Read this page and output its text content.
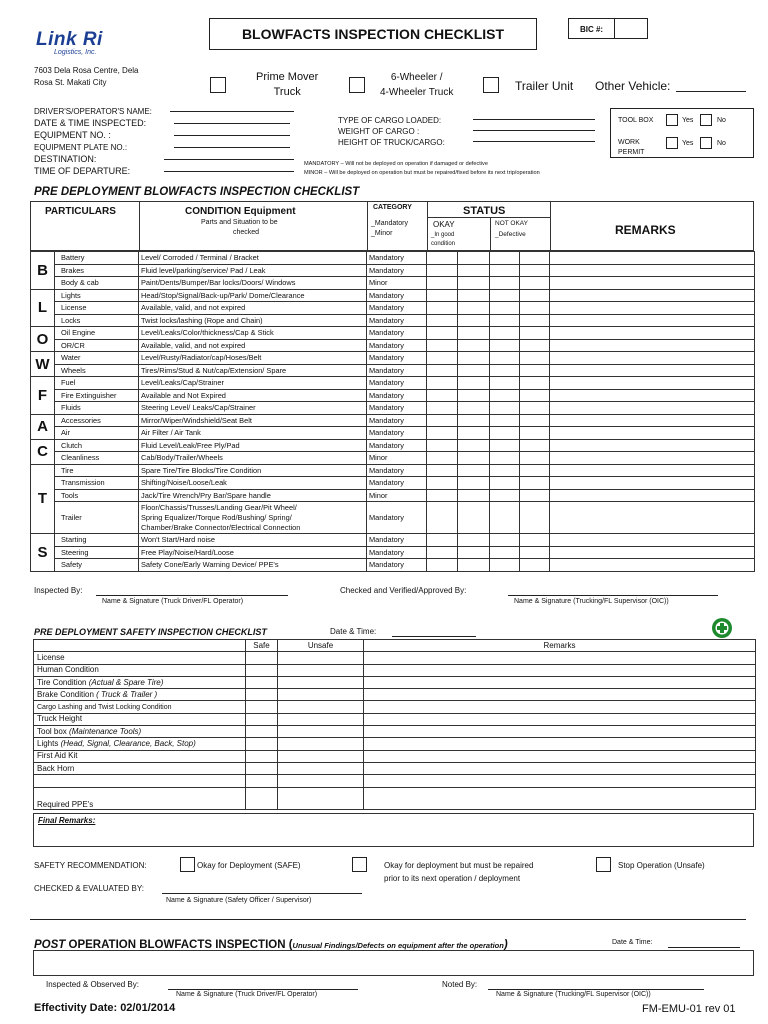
Link Ri
Logistics, Inc.
7603 Dela Rosa Centre, Dela
Rosa St. Makati City
BLOWFACTS INSPECTION CHECKLIST	BIC #:
Prime Mover
Truck
6-Wheeler /
4-Wheeler Truck	Trailer Unit Other Vehicle:
DRIVER'S/OPERATOR'S NAME:
DATE & TIME INSPECTED:
EQUIPMENT NO. :
EQUIPMENT PLATE NO.:
DESTINATION:
TIME OF DEPARTURE:
TYPE OF CARGO LOADED:
WEIGHT OF CARGO :
HEIGHT OF TRUCK/CARGO:
TOOL BOX	Yes	No
WORK
PERMIT
Yes	No
MANDATORY – Will not be deployed on operation if damaged or defective
MINOR – Will be deployed on operation but must be repaired/fixed before its next trip/operation
PRE DEPLOYMENT BLOWFACTS INSPECTION CHECKLIST
PARTICULARS	CONDITION Equipment
Parts and Situation to be
checked
CATEGORY
_Mandatory
_Minor
STATUS
OKAY
_In good
condition
NOT OKAY
_Defective	REMARKS
B	Battery	Level/ Corroded / Terminal / Bracket	Mandatory					
	Brakes	Fluid level/parking/service/ Pad / Leak	Mandatory					
	Body & cab	Paint/Dents/Bumper/Bar locks/Doors/ Windows	Minor					
L	Lights	Head/Stop/Signal/Back-up/Park/ Dome/Clearance	Mandatory					
	License	Available, valid, and not expired	Mandatory					
	Locks	Twist locks/lashing (Rope and Chain)	Mandatory					
O	Oil Engine	Level/Leaks/Color/thickness/Cap & Stick	Mandatory					
	OR/CR	Available, valid, and not expired	Mandatory					
W	Water	Level/Rusty/Radiator/cap/Hoses/Belt	Mandatory					
	Wheels	Tires/Rims/Stud & Nut/cap/Extension/ Spare	Mandatory					
F	Fuel	Level/Leaks/Cap/Strainer	Mandatory					
	Fire Extinguisher	Available and Not Expired	Mandatory					
	Fluids	Steering Level/ Leaks/Cap/Strainer	Mandatory					
A	Accessories	Mirror/Wiper/Windshield/Seat Belt	Mandatory					
	Air	Air Filter / Air Tank	Mandatory					
C	Clutch	Fluid Level/Leak/Free Ply/Pad	Mandatory					
	Cleanliness	Cab/Body/Trailer/Wheels	Minor					
T	Tire	Spare Tire/Tire Blocks/Tire Condition	Mandatory					
	Transmission	Shifting/Noise/Loose/Leak	Mandatory					
	Tools	Jack/Tire Wrench/Pry Bar/Spare handle	Minor					
	Trailer	Floor/Chassis/Trusses/Landing Gear/Pit Wheel/
Spring Equalizer/Torque Rod/Bushing/ Spring/
Chamber/Brake Connector/Electrical Connection	Mandatory					
S	Starting	Won't Start/Hard noise	Mandatory					
	Steering	Free Play/Noise/Hard/Loose	Mandatory					
	Safety	Safety Cone/Early Warning Device/ PPE's	Mandatory					
Inspected By:
Name & Signature (Truck Driver/FL Operator)
Checked and Verified/Approved By:
Name & Signature (Trucking/FL Supervisor (OIC))
PRE DEPLOYMENT SAFETY INSPECTION CHECKLIST	Date & Time:
	Safe	Unsafe	Remarks
License			
Human Condition			
Tire Condition (Actual & Spare Tire)			
Brake Condition ( Truck & Trailer )			
Cargo Lashing and Twist Locking Condition			
Truck Height			
Tool box (Maintenance Tools)			
Lights (Head, Signal, Clearance, Back, Stop)			
First Aid Kit			
Back Horn			

Required PPE's			
Final Remarks:
SAFETY RECOMMENDATION:	Okay for Deployment (SAFE)	Okay for deployment but must be repaired
prior to its next operation / deployment
Stop Operation (Unsafe)
CHECKED & EVALUATED BY:
Name & Signature (Safety Officer / Supervisor)
POST OPERATION BLOWFACTS INSPECTION (Unusual Findings/Defects on equipment after the operation)	Date & Time:
Inspected & Observed By:
Name & Signature (Truck Driver/FL Operator)
Noted By:
Name & Signature (Trucking/FL Supervisor (OIC))
Effectivity Date: 02/01/2014	FM-EMU-01 rev 01
